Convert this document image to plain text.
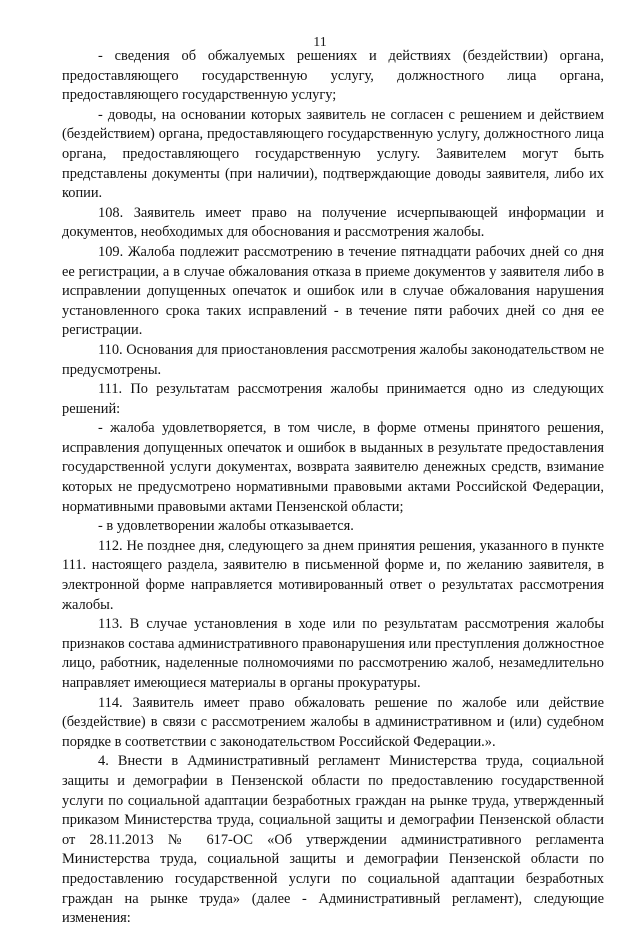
11

- сведения об обжалуемых решениях и действиях (бездействии) органа, предоставляющего государственную услугу, должностного лица органа, предоставляющего государственную услугу;

- доводы, на основании которых заявитель не согласен с решением и действием (бездействием) органа, предоставляющего государственную услугу, должностного лица органа, предоставляющего государственную услугу. Заявителем могут быть представлены документы (при наличии), подтверждающие доводы заявителя, либо их копии.

108. Заявитель имеет право на получение исчерпывающей информации и документов, необходимых для обоснования и рассмотрения жалобы.

109. Жалоба подлежит рассмотрению в течение пятнадцати рабочих дней со дня ее регистрации, а в случае обжалования отказа в приеме документов у заявителя либо в исправлении допущенных опечаток и ошибок или в случае обжалования нарушения установленного срока таких исправлений - в течение пяти рабочих дней со дня ее регистрации.

110. Основания для приостановления рассмотрения жалобы законодательством не предусмотрены.

111. По результатам рассмотрения жалобы принимается одно из следующих решений:

- жалоба удовлетворяется, в том числе, в форме отмены принятого решения, исправления допущенных опечаток и ошибок в выданных в результате предоставления государственной услуги документах, возврата заявителю денежных средств, взимание которых не предусмотрено нормативными правовыми актами Российской Федерации, нормативными правовыми актами Пензенской области;

- в удовлетворении жалобы отказывается.

112. Не позднее дня, следующего за днем принятия решения, указанного в пункте 111. настоящего раздела, заявителю в письменной форме и, по желанию заявителя, в электронной форме направляется мотивированный ответ о результатах рассмотрения жалобы.

113. В случае установления в ходе или по результатам рассмотрения жалобы признаков состава административного правонарушения или преступления должностное лицо, работник, наделенные полномочиями по рассмотрению жалоб, незамедлительно направляет имеющиеся материалы в органы прокуратуры.

114. Заявитель имеет право обжаловать решение по жалобе или действие (бездействие) в связи с рассмотрением жалобы в административном и (или) судебном порядке в соответствии с законодательством Российской Федерации.».

4. Внести в Административный регламент Министерства труда, социальной защиты и демографии в Пензенской области по предоставлению государственной услуги по социальной адаптации безработных граждан на рынке труда, утвержденный приказом Министерства труда, социальной защиты и демографии Пензенской области от 28.11.2013 № 617-ОС «Об утверждении административного регламента Министерства труда, социальной защиты и демографии Пензенской области по предоставлению государственной услуги по социальной адаптации безработных граждан на рынке труда» (далее - Административный регламент), следующие изменения:
